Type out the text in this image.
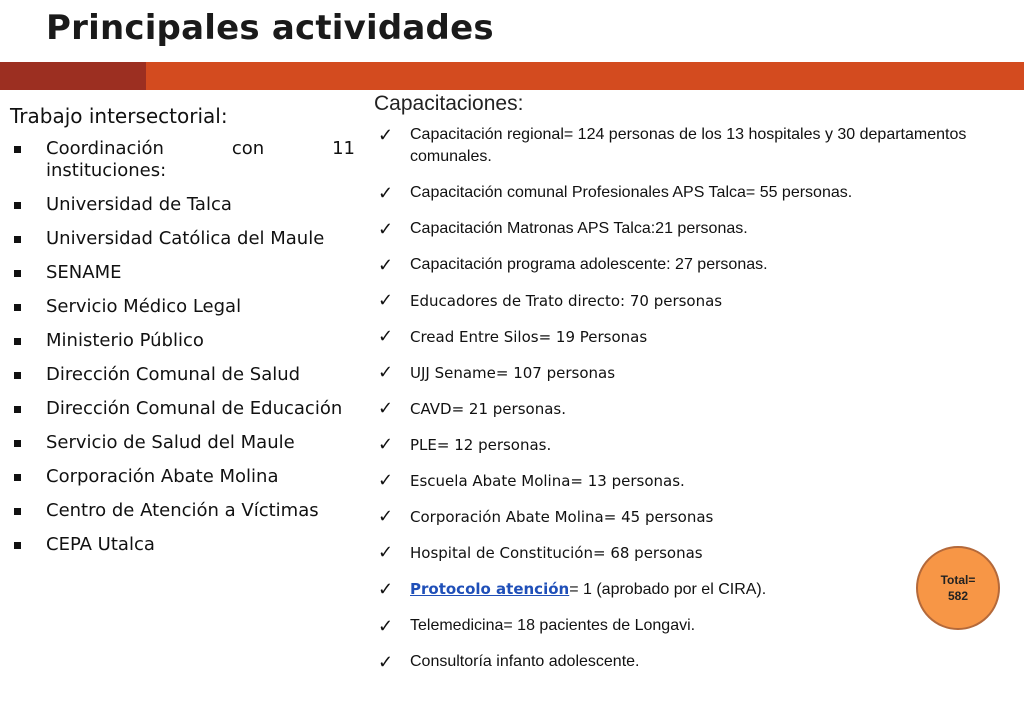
Principales actividades
Trabajo intersectorial:
Coordinación con 11 instituciones:
Universidad de Talca
Universidad Católica del Maule
SENAME
Servicio Médico Legal
Ministerio Público
Dirección Comunal de Salud
Dirección Comunal de Educación
Servicio de Salud del Maule
Corporación Abate Molina
Centro de Atención a Víctimas
CEPA Utalca
Capacitaciones:
✓ Capacitación regional= 124 personas de los 13 hospitales y 30 departamentos comunales.
✓ Capacitación comunal Profesionales APS Talca= 55 personas.
✓ Capacitación Matronas APS Talca:21 personas.
✓ Capacitación programa adolescente: 27 personas.
✓ Educadores de Trato directo: 70 personas
✓ Cread Entre Silos= 19 Personas
✓ UJJ Sename= 107 personas
✓ CAVD= 21 personas.
✓ PLE= 12 personas.
✓ Escuela Abate Molina= 13 personas.
✓ Corporación Abate Molina= 45 personas
✓ Hospital de Constitución= 68 personas
✓ Protocolo atención= 1 (aprobado por el CIRA).
✓ Telemedicina= 18 pacientes de Longavi.
✓ Consultoría infanto adolescente.
Total=
582
